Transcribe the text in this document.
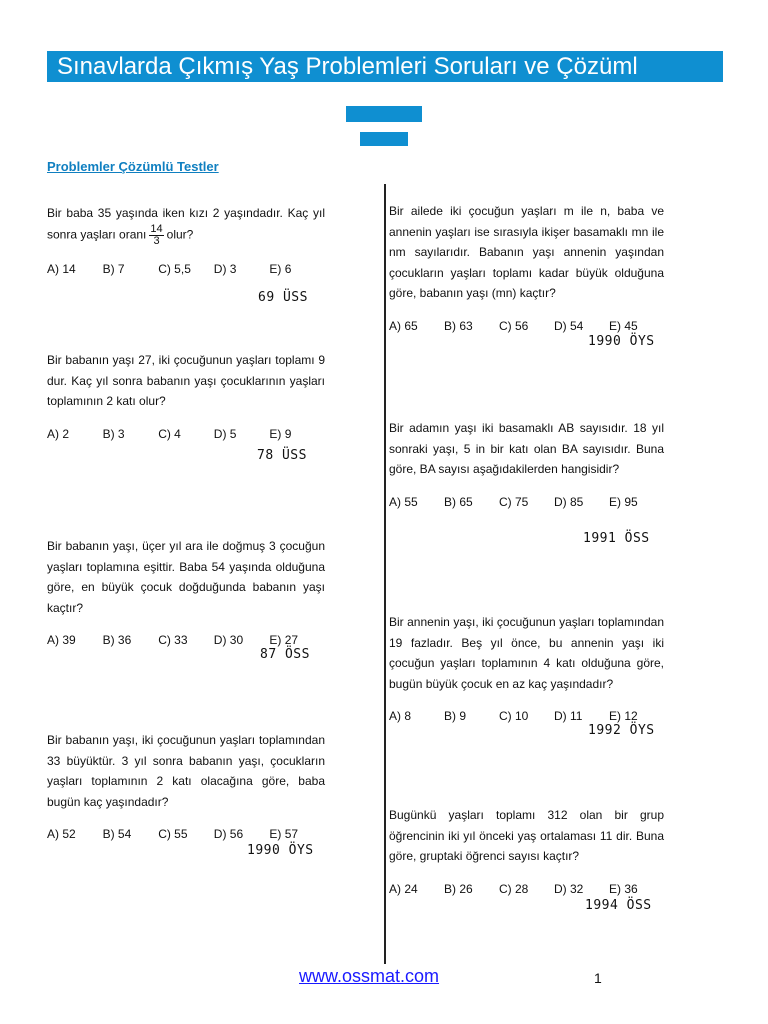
Sınavlarda Çıkmış Yaş Problemleri Soruları ve Çözüml
Problemler Çözümlü Testler

Bir baba 35 yaşında iken kızı 2 yaşındadır. Kaç yıl sonra yaşları oranı $\frac{14}{3}$ olur?

A) 14	B) 7	C) 5,5	D) 3	E) 6
69 ÜSS

Bir babanın yaşı 27, iki çocuğunun yaşları toplamı 9 dur. Kaç yıl sonra babanın yaşı çocuklarının yaşları toplamının 2 katı olur?

A) 2	B) 3	C) 4	D) 5	E) 9
78 ÜSS

Bir babanın yaşı, üçer yıl ara ile doğmuş 3 çocuğun yaşları toplamına eşittir. Baba 54 yaşında olduğuna göre, en büyük çocuk doğduğunda babanın yaşı kaçtır?

A) 39	B) 36	C) 33	D) 30	E) 27
87 ÖSS

Bir babanın yaşı, iki çocuğunun yaşları toplamından 33 büyüktür. 3 yıl sonra babanın yaşı, çocukların yaşları toplamının 2 katı olacağına göre, baba bugün kaç yaşındadır?

A) 52	B) 54	C) 55	D) 56	E) 57
1990 ÖYS

Bir ailede iki çocuğun yaşları m ile n, baba ve annenin yaşları ise sırasıyla ikişer basamaklı mn ile nm sayılarıdır. Babanın yaşı annenin yaşından çocukların yaşları toplamı kadar büyük olduğuna göre, babanın yaşı (mn) kaçtır?

A) 65	B) 63	C) 56	D) 54	E) 45
1990 ÖYS

Bir adamın yaşı iki basamaklı AB sayısıdır. 18 yıl sonraki yaşı, 5 in bir katı olan BA sayısıdır. Buna göre, BA sayısı aşağıdakilerden hangisidir?

A) 55	B) 65	C) 75	D) 85	E) 95
1991 ÖSS

Bir annenin yaşı, iki çocuğunun yaşları toplamından 19 fazladır. Beş yıl önce, bu annenin yaşı iki çocuğun yaşları toplamının 4 katı olduğuna göre, bugün büyük çocuk en az kaç yaşındadır?

A) 8	B) 9	C) 10	D) 11	E) 12
1992 ÖYS

Bugünkü yaşları toplamı 312 olan bir grup öğrencinin iki yıl önceki yaş ortalaması 11 dir. Buna göre, gruptaki öğrenci sayısı kaçtır?

A) 24	B) 26	C) 28	D) 32	E) 36
1994 ÖSS
www.ossmat.com	1
